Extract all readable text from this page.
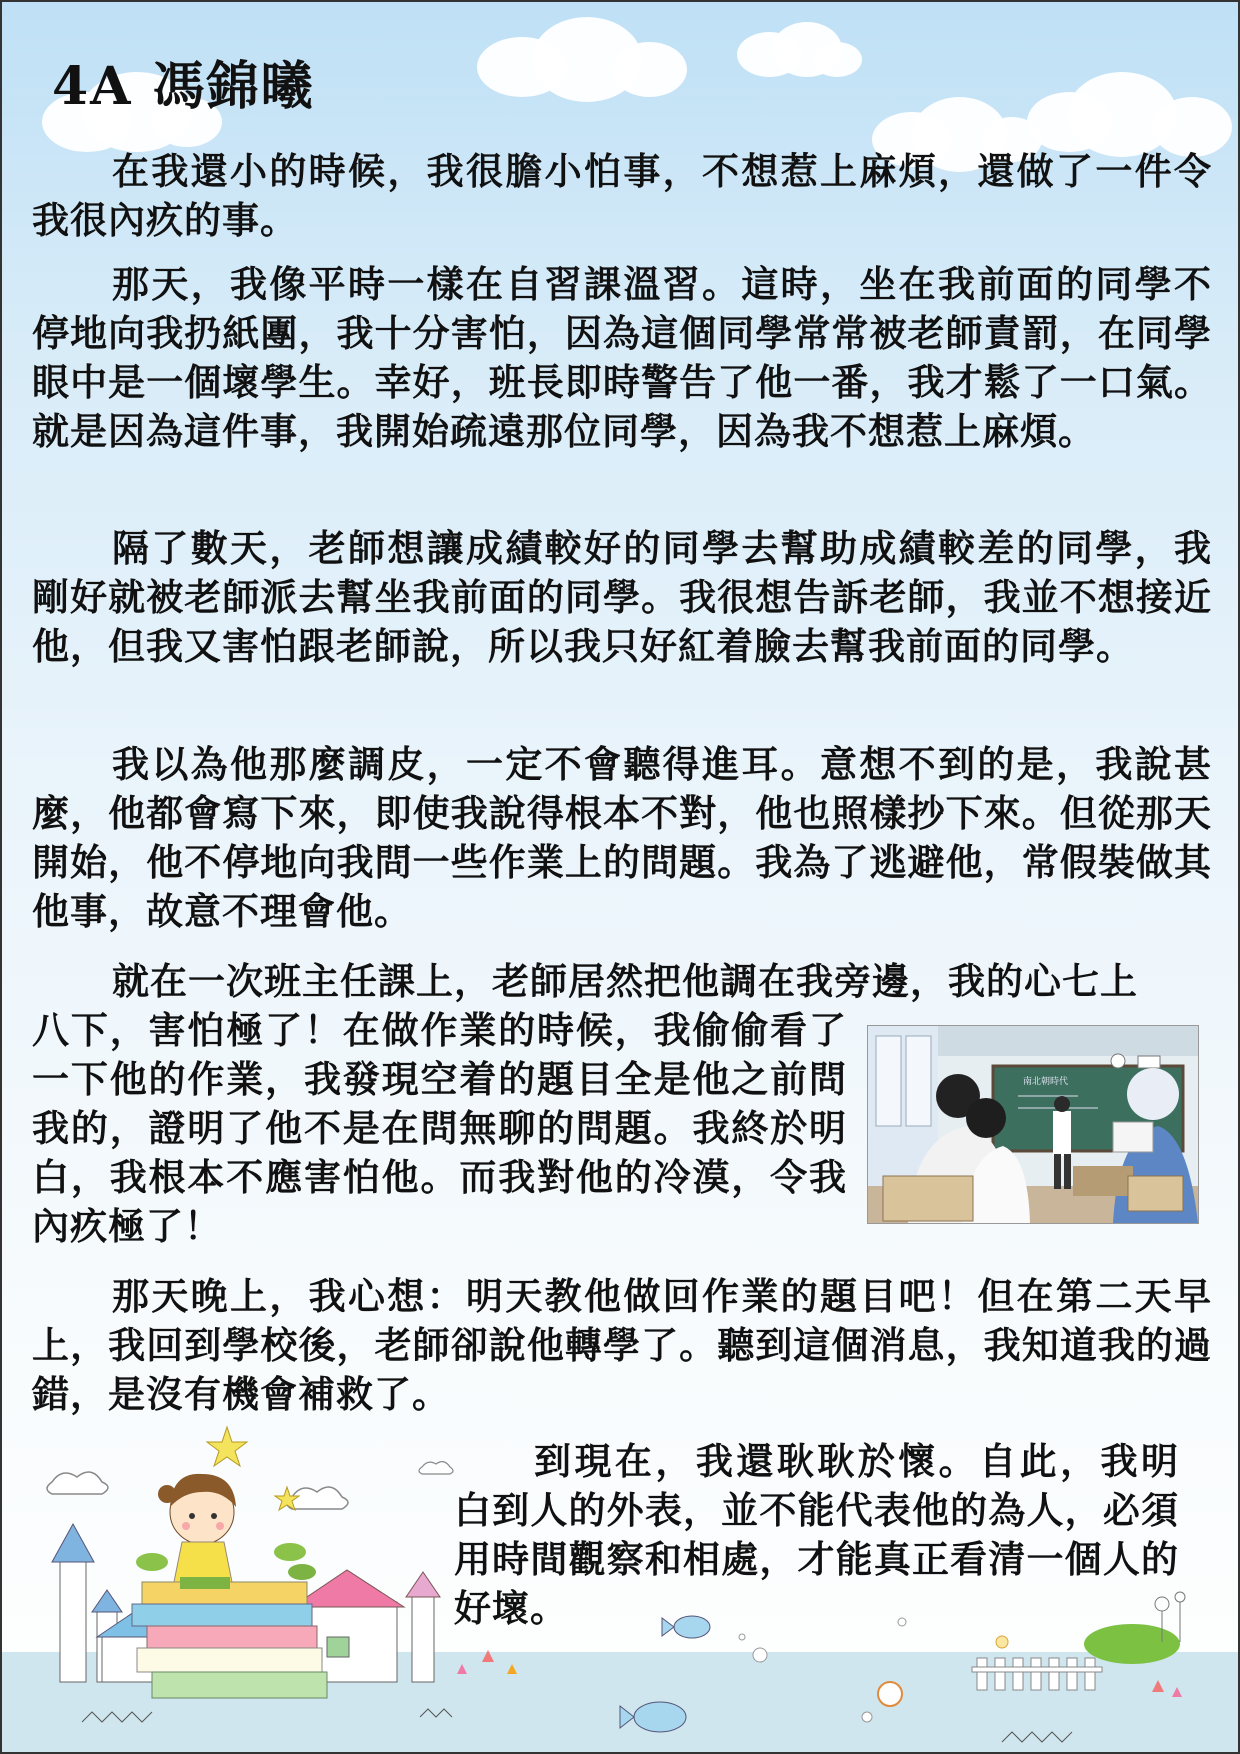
4A 馮錦曦

在我還小的時候，我很膽小怕事，不想惹上麻煩，還做了一件令我很內疚的事。

那天，我像平時一樣在自習課溫習。這時，坐在我前面的同學不停地向我扔紙團，我十分害怕，因為這個同學常常被老師責罰，在同學眼中是一個壞學生。幸好，班長即時警告了他一番，我才鬆了一口氣。就是因為這件事，我開始疏遠那位同學，因為我不想惹上麻煩。

隔了數天，老師想讓成績較好的同學去幫助成績較差的同學，我剛好就被老師派去幫坐我前面的同學。我很想告訴老師，我並不想接近他，但我又害怕跟老師說，所以我只好紅着臉去幫我前面的同學。

我以為他那麼調皮，一定不會聽得進耳。意想不到的是，我說甚麼，他都會寫下來，即使我說得根本不對，他也照樣抄下來。但從那天開始，他不停地向我問一些作業上的問題。我為了逃避他，常假裝做其他事，故意不理會他。

就在一次班主任課上，老師居然把他調在我旁邊，我的心七上

八下，害怕極了！在做作業的時候，我偷偷看了一下他的作業，我發現空着的題目全是他之前問我的，證明了他不是在問無聊的問題。我終於明白，我根本不應害怕他。而我對他的冷漠，令我內疚極了！

南北朝時代

那天晚上，我心想：明天教他做回作業的題目吧！但在第二天早上，我回到學校後，老師卻說他轉學了。聽到這個消息，我知道我的過錯，是沒有機會補救了。

到現在，我還耿耿於懷。自此，我明白到人的外表，並不能代表他的為人，必須用時間觀察和相處，才能真正看清一個人的好壞。
